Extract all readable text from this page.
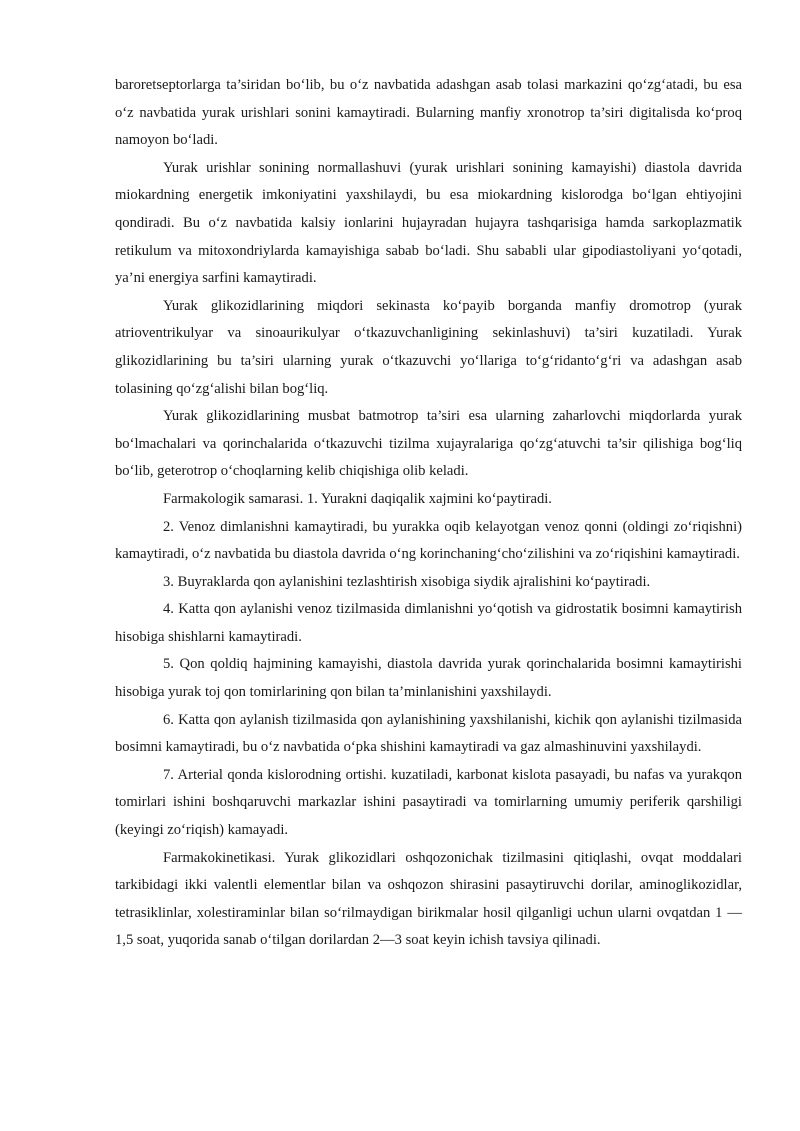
baroretseptorlarga ta’siridan bo‘lib, bu o‘z navbatida adashgan asab tolasi markazini qo‘zg‘atadi, bu esa o‘z navbatida yurak urishlari sonini kamaytiradi. Bularning manfiy xronotrop ta’siri digitalisda ko‘proq namoyon bo‘ladi.

Yurak urishlar sonining normallashuvi (yurak urishlari sonining kamayishi) diastola davrida miokardning energetik imkoniyatini yaxshilaydi, bu esa miokardning kislorodga bo‘lgan ehtiyojini qondiradi. Bu o‘z navbatida kalsiy ionlarini hujayradan hujayra tashqarisiga hamda sarkoplazmatik retikulum va mitoxondriylarda kamayishiga sabab bo‘ladi. Shu sababli ular gipodiastoliyani yo‘qotadi, ya’ni energiya sarfini kamaytiradi.

Yurak glikozidlarining miqdori sekinasta ko‘payib borganda manfiy dromotrop (yurak atrioventrikulyar va sinoaurikulyar o‘tkazuvchanligining sekinlashuvi) ta’siri kuzatiladi. Yurak glikozidlarining bu ta’siri ularning yurak o‘tkazuvchi yo‘llariga to‘g‘ridanto‘g‘ri va adashgan asab tolasining qo‘zg‘alishi bilan bog‘liq.

Yurak glikozidlarining musbat batmotrop ta’siri esa ularning zaharlovchi miqdorlarda yurak bo‘lmachalari va qorinchalarida o‘tkazuvchi tizilma xujayralariga qo‘zg‘atuvchi ta’sir qilishiga bog‘liq bo‘lib, geterotrop o‘choqlarning kelib chiqishiga olib keladi.

Farmakologik samarasi. 1. Yurakni daqiqalik xajmini ko‘paytiradi.

2. Venoz dimlanishni kamaytiradi, bu yurakka oqib kelayotgan venoz qonni (oldingi zo‘riqishni) kamaytiradi, o‘z navbatida bu diastola davrida o‘ng korinchaning‘cho‘zilishini va zo‘riqishini kamaytiradi.

3. Buyraklarda qon aylanishini tezlashtirish xisobiga siydik ajralishini ko‘paytiradi.

4. Katta qon aylanishi venoz tizilmasida dimlanishni yo‘qotish va gidrostatik bosimni kamaytirish hisobiga shishlarni kamaytiradi.

5. Qon qoldiq hajmining kamayishi, diastola davrida yurak qorinchalarida bosimni kamaytirishi hisobiga yurak toj qon tomirlarining qon bilan ta’minlanishini yaxshilaydi.

6. Katta qon aylanish tizilmasida qon aylanishining yaxshilanishi, kichik qon aylanishi tizilmasida bosimni kamaytiradi, bu o‘z navbatida o‘pka shishini kamaytiradi va gaz almashinuvini yaxshilaydi.

7. Arterial qonda kislorodning ortishi. kuzatiladi, karbonat kislota pasayadi, bu nafas va yurakqon tomirlari ishini boshqaruvchi markazlar ishini pasaytiradi va tomirlarning umumiy periferik qarshiligi (keyingi zo‘riqish) kamayadi.

Farmakokinetikasi. Yurak glikozidlari oshqozonichak tizilmasini qitiqlashi, ovqat moddalari tarkibidagi ikki valentli elementlar bilan va oshqozon shirasini pasaytiruvchi dorilar, aminoglikozidlar, tetrasiklinlar, xolestiraminlar bilan so‘rilmaydigan birikmalar hosil qilganligi uchun ularni ovqatdan 1 — 1,5 soat, yuqorida sanab o‘tilgan dorilardan 2—3 soat keyin ichish tavsiya qilinadi.
